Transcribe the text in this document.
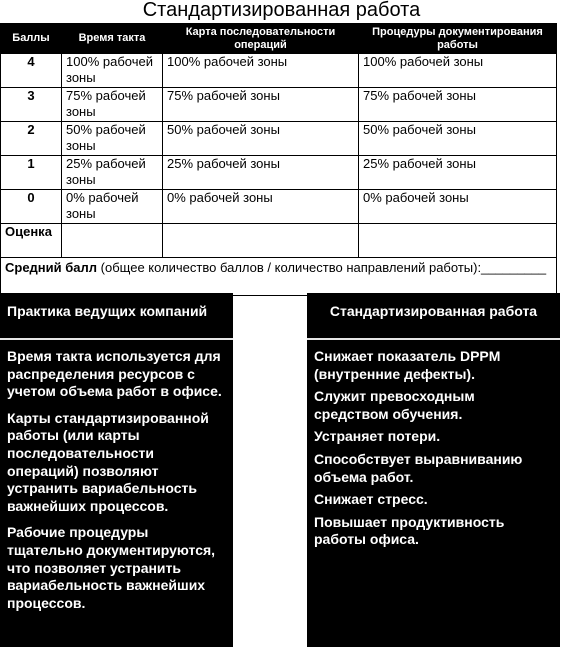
Стандартизированная работа
Баллы	Время такта	Карта последовательности операций	Процедуры документирования работы
4	100% рабочей зоны	100% рабочей зоны	100% рабочей зоны
3	75% рабочей зоны	75% рабочей зоны	75% рабочей зоны
2	50% рабочей зоны	50% рабочей зоны	50% рабочей зоны
1	25% рабочей зоны	25% рабочей зоны	25% рабочей зоны
0	0% рабочей зоны	0% рабочей зоны	0% рабочей зоны
Оценка			
Средний балл (общее количество баллов / количество направлений работы):_________			
Практика ведущих компаний

Время такта используется для распределения ресурсов с учетом объема работ в офисе.

Карты стандартизированной работы (или карты последовательности операций) позволяют устранить вариабельность важнейших процессов.

Рабочие процедуры тщательно документируются, что позволяет устранить вариабельность важнейших процессов.

Стандартизированная работа

Снижает показатель DPPM (внутренние дефекты).

Служит превосходным средством обучения.

Устраняет потери.

Способствует выравниванию объема работ.

Снижает стресс.

Повышает продуктивность работы офиса.
